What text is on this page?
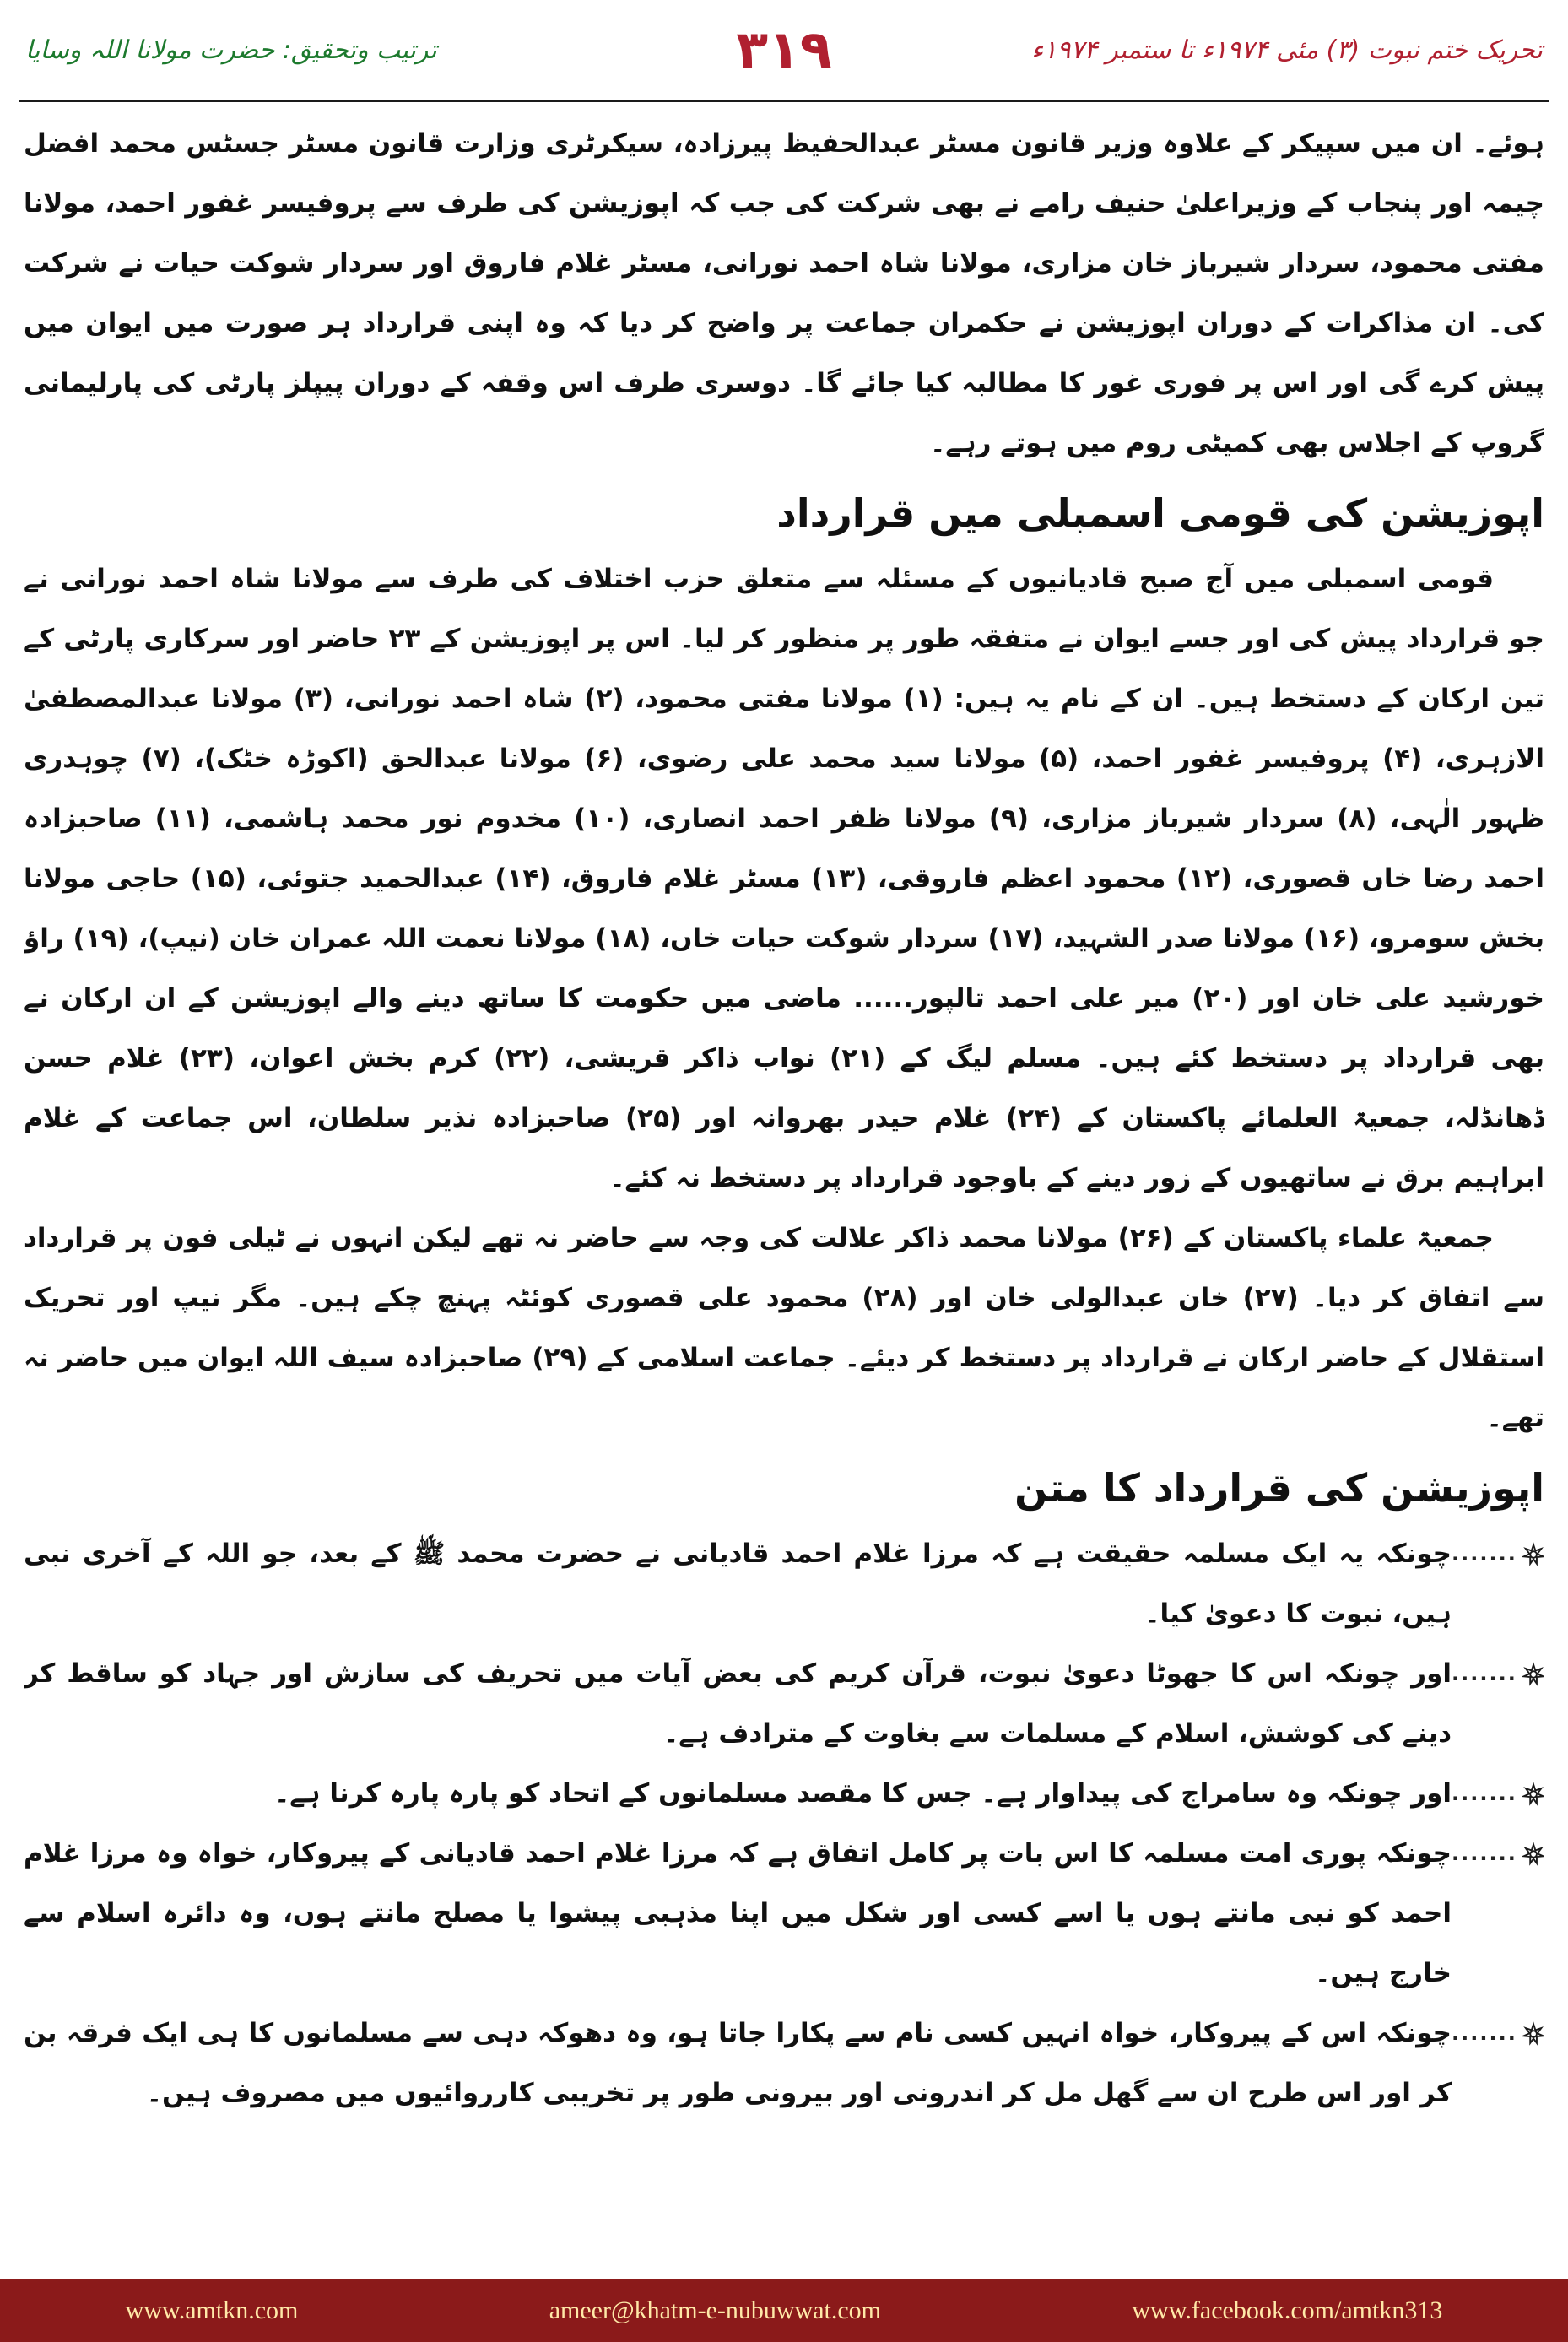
ترتیب وتحقیق: حضرت مولانا اللہ وسایا	۳۱۹	تحریک ختم نبوت (۳) مئی ۱۹۷۴ء تا ستمبر ۱۹۷۴ء

ہوئے۔ ان میں سپیکر کے علاوہ وزیر قانون مسٹر عبدالحفیظ پیرزادہ، سیکرٹری وزارت قانون مسٹر جسٹس محمد افضل چیمہ اور پنجاب کے وزیراعلیٰ حنیف رامے نے بھی شرکت کی جب کہ اپوزیشن کی طرف سے پروفیسر غفور احمد، مولانا مفتی محمود، سردار شیرباز خان مزاری، مولانا شاہ احمد نورانی، مسٹر غلام فاروق اور سردار شوکت حیات نے شرکت کی۔ ان مذاکرات کے دوران اپوزیشن نے حکمران جماعت پر واضح کر دیا کہ وہ اپنی قرارداد ہر صورت میں ایوان میں پیش کرے گی اور اس پر فوری غور کا مطالبہ کیا جائے گا۔ دوسری طرف اس وقفہ کے دوران پیپلز پارٹی کی پارلیمانی گروپ کے اجلاس بھی کمیٹی روم میں ہوتے رہے۔

اپوزیشن کی قومی اسمبلی میں قرارداد

قومی اسمبلی میں آج صبح قادیانیوں کے مسئلہ سے متعلق حزب اختلاف کی طرف سے مولانا شاہ احمد نورانی نے جو قرارداد پیش کی اور جسے ایوان نے متفقہ طور پر منظور کر لیا۔ اس پر اپوزیشن کے ۲۳ حاضر اور سرکاری پارٹی کے تین ارکان کے دستخط ہیں۔ ان کے نام یہ ہیں: (۱) مولانا مفتی محمود، (۲) شاہ احمد نورانی، (۳) مولانا عبدالمصطفیٰ الازہری، (۴) پروفیسر غفور احمد، (۵) مولانا سید محمد علی رضوی، (۶) مولانا عبدالحق (اکوڑہ خٹک)، (۷) چوہدری ظہور الٰہی، (۸) سردار شیرباز مزاری، (۹) مولانا ظفر احمد انصاری، (۱۰) مخدوم نور محمد ہاشمی، (۱۱) صاحبزادہ احمد رضا خاں قصوری، (۱۲) محمود اعظم فاروقی، (۱۳) مسٹر غلام فاروق، (۱۴) عبدالحمید جتوئی، (۱۵) حاجی مولانا بخش سومرو، (۱۶) مولانا صدر الشہید، (۱۷) سردار شوکت حیات خاں، (۱۸) مولانا نعمت اللہ عمران خان (نیپ)، (۱۹) راؤ خورشید علی خان اور (۲۰) میر علی احمد تالپور...... ماضی میں حکومت کا ساتھ دینے والے اپوزیشن کے ان ارکان نے بھی قرارداد پر دستخط کئے ہیں۔ مسلم لیگ کے (۲۱) نواب ذاکر قریشی، (۲۲) کرم بخش اعوان، (۲۳) غلام حسن ڈھانڈلہ، جمعیۃ العلمائے پاکستان کے (۲۴) غلام حیدر بھروانہ اور (۲۵) صاحبزادہ نذیر سلطان، اس جماعت کے غلام ابراہیم برق نے ساتھیوں کے زور دینے کے باوجود قرارداد پر دستخط نہ کئے۔

جمعیۃ علماء پاکستان کے (۲۶) مولانا محمد ذاکر علالت کی وجہ سے حاضر نہ تھے لیکن انہوں نے ٹیلی فون پر قرارداد سے اتفاق کر دیا۔ (۲۷) خان عبدالولی خان اور (۲۸) محمود علی قصوری کوئٹہ پہنچ چکے ہیں۔ مگر نیپ اور تحریک استقلال کے حاضر ارکان نے قرارداد پر دستخط کر دیئے۔ جماعت اسلامی کے (۲۹) صاحبزادہ سیف اللہ ایوان میں حاضر نہ تھے۔

اپوزیشن کی قرارداد کا متن
.......
چونکہ یہ ایک مسلمہ حقیقت ہے کہ مرزا غلام احمد قادیانی نے حضرت محمد ﷺ کے بعد، جو اللہ کے آخری نبی ہیں، نبوت کا دعویٰ کیا۔
.......
اور چونکہ اس کا جھوٹا دعویٰ نبوت، قرآن کریم کی بعض آیات میں تحریف کی سازش اور جہاد کو ساقط کر دینے کی کوشش، اسلام کے مسلمات سے بغاوت کے مترادف ہے۔
.......
اور چونکہ وہ سامراج کی پیداوار ہے۔ جس کا مقصد مسلمانوں کے اتحاد کو پارہ پارہ کرنا ہے۔
.......
چونکہ پوری امت مسلمہ کا اس بات پر کامل اتفاق ہے کہ مرزا غلام احمد قادیانی کے پیروکار، خواہ وہ مرزا غلام احمد کو نبی مانتے ہوں یا اسے کسی اور شکل میں اپنا مذہبی پیشوا یا مصلح مانتے ہوں، وہ دائرہ اسلام سے خارج ہیں۔
.......
چونکہ اس کے پیروکار، خواہ انہیں کسی نام سے پکارا جاتا ہو، وہ دھوکہ دہی سے مسلمانوں کا ہی ایک فرقہ بن کر اور اس طرح ان سے گھل مل کر اندرونی اور بیرونی طور پر تخریبی کارروائیوں میں مصروف ہیں۔
www.amtkn.com	ameer@khatm-e-nubuwwat.com	www.facebook.com/amtkn313
